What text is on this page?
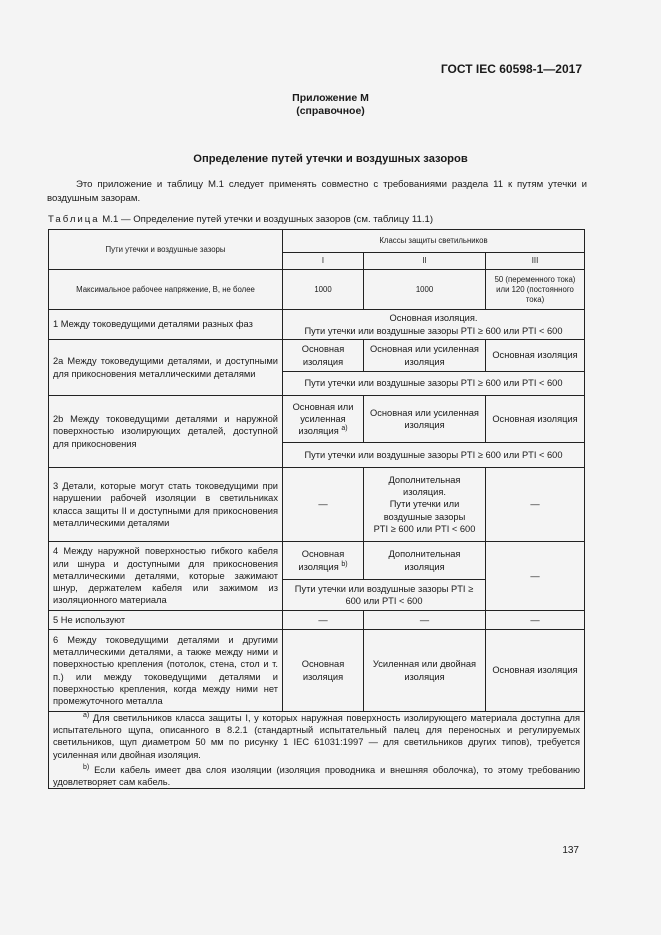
ГОСТ IEC 60598-1—2017
Приложение М
(справочное)
Определение путей утечки и воздушных зазоров
Это приложение и таблицу М.1 следует применять совместно с требованиями раздела 11 к путям утечки и воздушным зазорам.
Таблица М.1 — Определение путей утечки и воздушных зазоров (см. таблицу 11.1)
Пути утечки и воздушные зазоры	Классы защиты светильников		
	I	II	III
Максимальное рабочее напряжение, В, не более	1000	1000	50 (переменного тока) или 120 (постоянного тока)
1 Между токоведущими деталями разных фаз	Основная изоляция.
Пути утечки или воздушные зазоры PTI ≥ 600 или PTI < 600		

2а Между токоведущими деталями, и доступными для прикосновения металлическими деталями	Основная изоляция	Основная или усиленная изоляция	Основная изоляция
	Пути утечки или воздушные зазоры PTI ≥ 600 или PTI < 600		
2b Между токоведущими деталями и наружной поверхностью изолирующих деталей, доступной для прикосновения	Основная или усиленная изоляция $^{a)}$	Основная или усиленная изоляция	Основная изоляция
	Пути утечки или воздушные зазоры PTI ≥ 600 или PTI < 600		
3 Детали, которые могут стать токоведущими при нарушении рабочей изоляции в светильниках класса защиты II и доступными для прикосновения металлическими деталями	—	Дополнительная изоляция.
Пути утечки или воздушные зазоры
PTI ≥ 600 или PTI < 600	—
4 Между наружной поверхностью гибкого кабеля или шнура и доступными для прикосновения металлическими деталями, которые зажимают шнур, держателем кабеля или зажимом из изоляционного материала	Основная изоляция $^{b)}$	Дополнительная изоляция	—
	Пути утечки или воздушные зазоры PTI ≥ 600 или PTI < 600		
5 Не используют	—	—	—
6 Между токоведущими деталями и другими металлическими деталями, а также между ними и поверхностью крепления (потолок, стена, стол и т. п.) или между токоведущими деталями и поверхностью крепления, когда между ними нет промежуточного металла	Основная изоляция	Усиленная или двойная изоляция	Основная изоляция

$^{a)}$ Для светильников класса защиты I, у которых наружная поверхность изолирующего материала доступна для испытательного щупа, описанного в 8.2.1 (стандартный испытательный палец для переносных и регулируемых светильников, щуп диаметром 50 мм по рисунку 1 IEC 61031:1997 — для светильников других типов), требуется усиленная или двойная изоляция.

$^{b)}$ Если кабель имеет два слоя изоляции (изоляция проводника и внешняя оболочка), то этому требованию удовлетворяет сам кабель.			

137
